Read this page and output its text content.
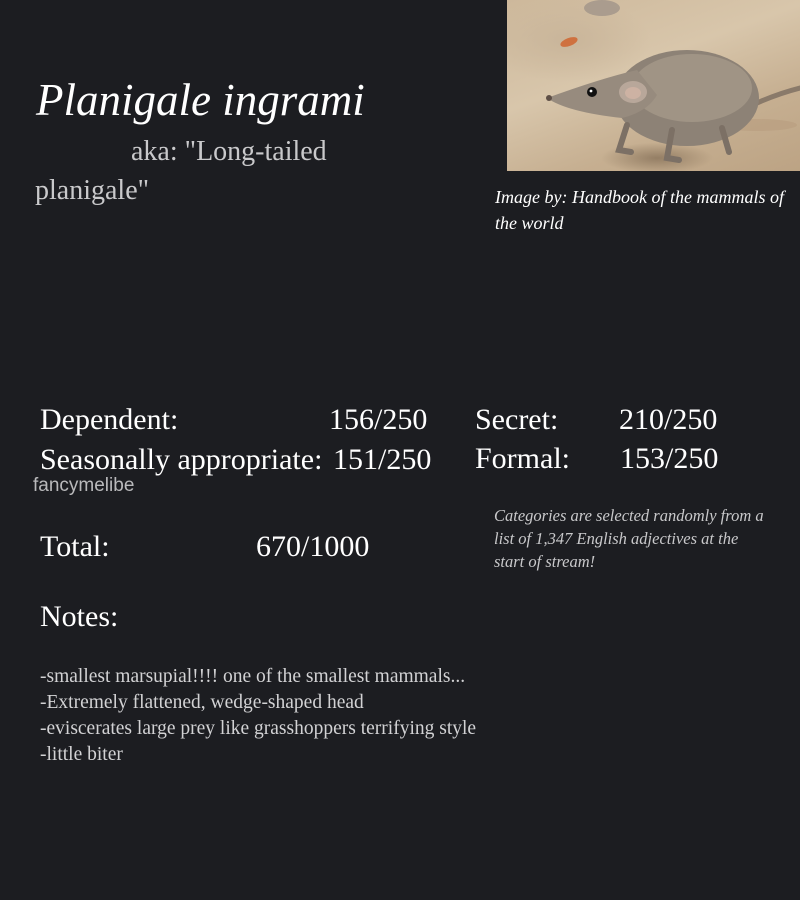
Image by: Handbook of the mammals of the world
Planigale ingrami
aka: "Long-tailed planigale"
Dependent:	156/250
Seasonally appropriate: 151/250
Secret: 210/250
Formal: 153/250
fancymelibe
Categories are selected randomly from a list of 1,347 English adjectives at the start of stream!
Total:	670/1000
Notes:
-smallest marsupial!!!! one of the smallest mammals...
-Extremely flattened, wedge-shaped head
-eviscerates large prey like grasshoppers terrifying style
-little biter
